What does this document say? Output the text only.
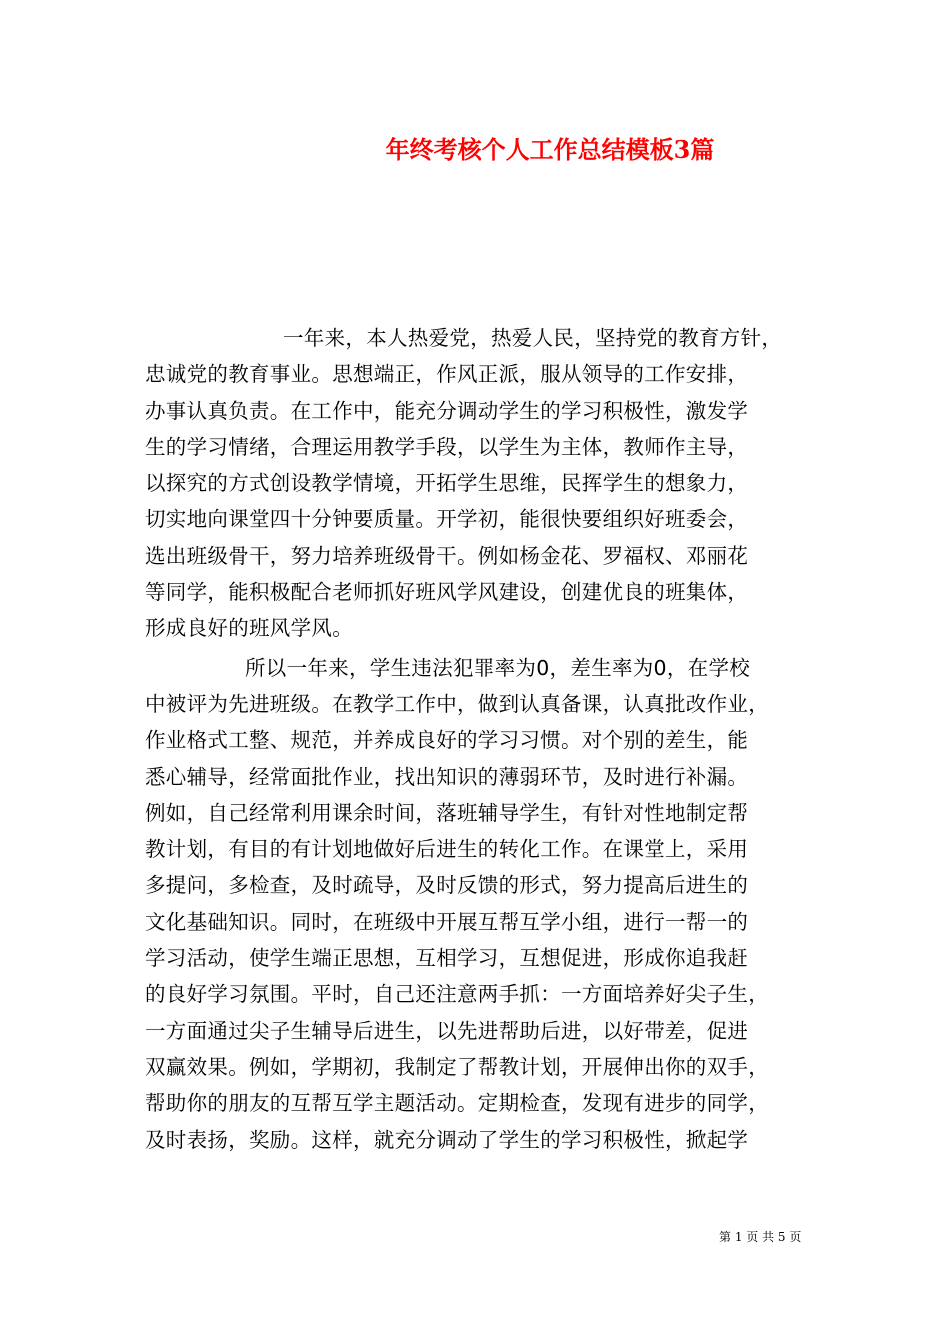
年终考核个人工作总结模板3篇
一年来，本人热爱党，热爱人民，坚持党的教育方针，
忠诚党的教育事业。思想端正，作风正派，服从领导的工作安排，
办事认真负责。在工作中，能充分调动学生的学习积极性，激发学
生的学习情绪，合理运用教学手段，以学生为主体，教师作主导，
以探究的方式创设教学情境，开拓学生思维，民挥学生的想象力，
切实地向课堂四十分钟要质量。开学初，能很快要组织好班委会，
选出班级骨干，努力培养班级骨干。例如杨金花、罗福权、邓丽花
等同学，能积极配合老师抓好班风学风建设，创建优良的班集体，
形成良好的班风学风。
所以一年来，学生违法犯罪率为0，差生率为0，在学校
中被评为先进班级。在教学工作中，做到认真备课，认真批改作业，
作业格式工整、规范，并养成良好的学习习惯。对个别的差生，能
悉心辅导，经常面批作业，找出知识的薄弱环节，及时进行补漏。
例如，自己经常利用课余时间，落班辅导学生，有针对性地制定帮
教计划，有目的有计划地做好后进生的转化工作。在课堂上，采用
多提问，多检查，及时疏导，及时反馈的形式，努力提高后进生的
文化基础知识。同时，在班级中开展互帮互学小组，进行一帮一的
学习活动，使学生端正思想，互相学习，互想促进，形成你追我赶
的良好学习氛围。平时，自己还注意两手抓：一方面培养好尖子生，
一方面通过尖子生辅导后进生，以先进帮助后进，以好带差，促进
双赢效果。例如，学期初，我制定了帮教计划，开展伸出你的双手，
帮助你的朋友的互帮互学主题活动。定期检查，发现有进步的同学，
及时表扬，奖励。这样，就充分调动了学生的学习积极性，掀起学
第 1 页 共 5 页
